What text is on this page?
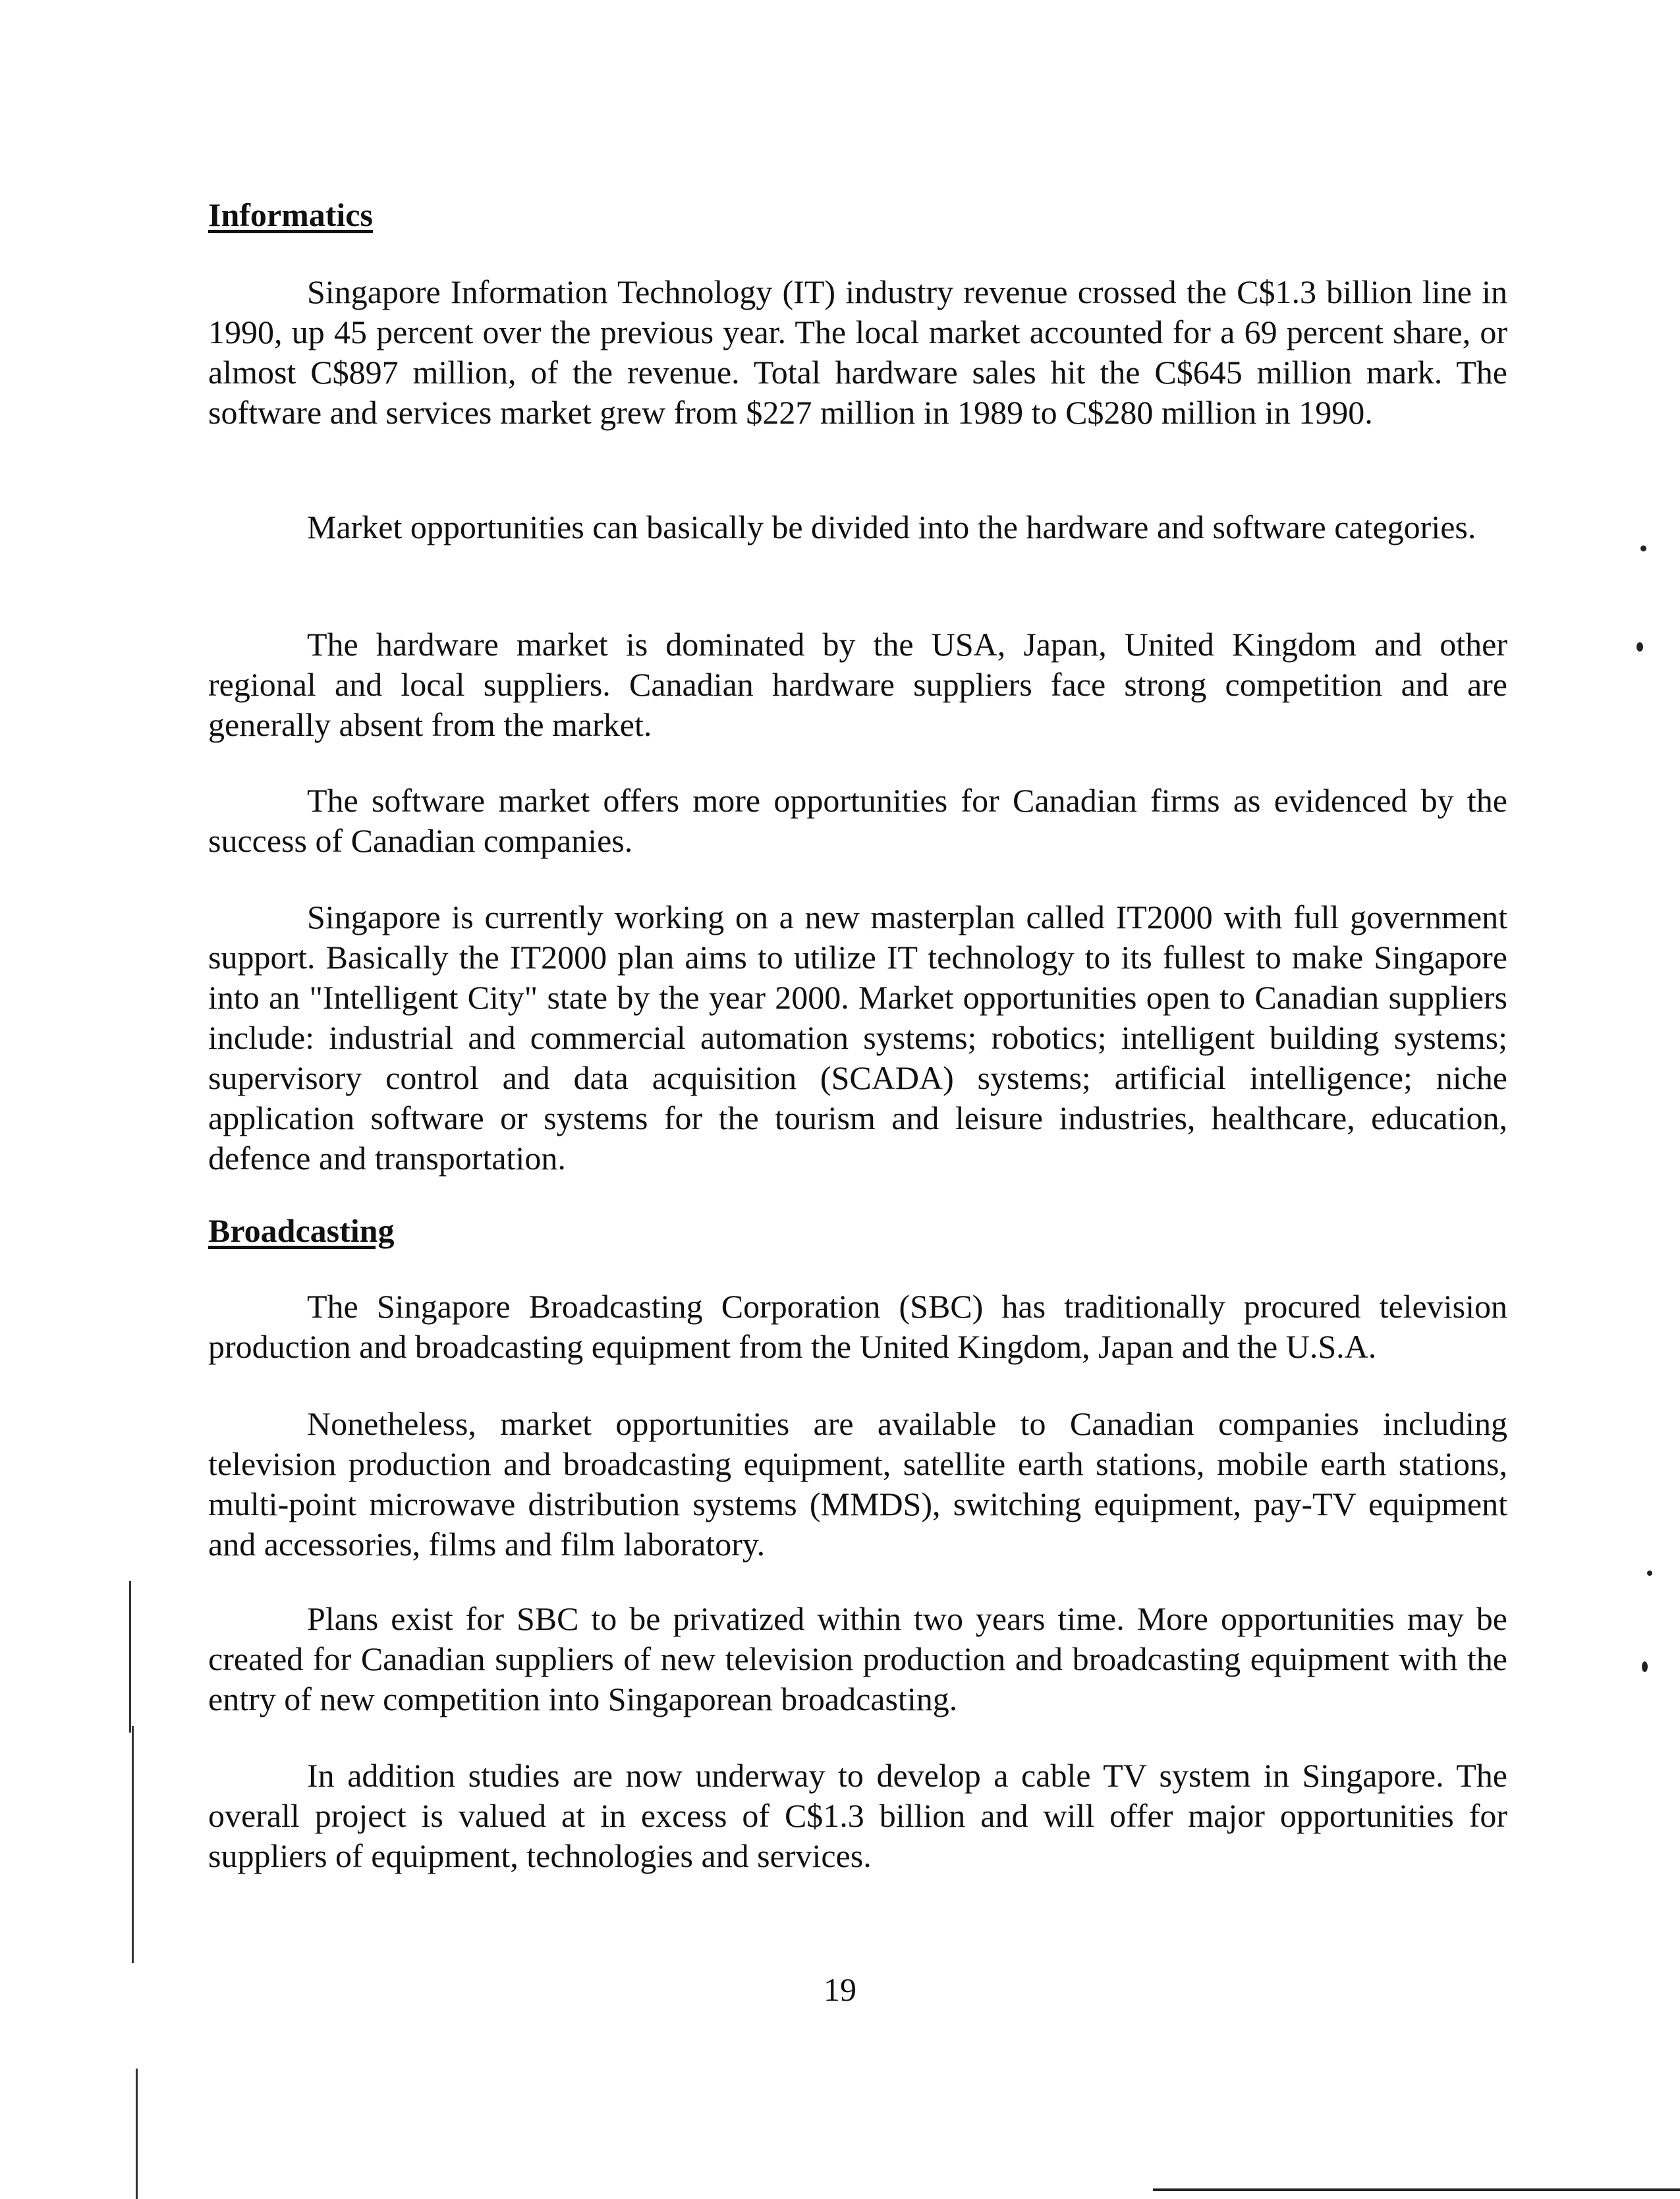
Informatics

Singapore Information Technology (IT) industry revenue crossed the C$1.3 billion line in 1990, up 45 percent over the previous year. The local market accounted for a 69 percent share, or almost C$897 million, of the revenue. Total hardware sales hit the C$645 million mark. The software and services market grew from $227 million in 1989 to C$280 million in 1990.

Market opportunities can basically be divided into the hardware and software categories.

The hardware market is dominated by the USA, Japan, United Kingdom and other regional and local suppliers. Canadian hardware suppliers face strong competition and are generally absent from the market.

The software market offers more opportunities for Canadian firms as evidenced by the success of Canadian companies.

Singapore is currently working on a new masterplan called IT2000 with full government support. Basically the IT2000 plan aims to utilize IT technology to its fullest to make Singapore into an "Intelligent City" state by the year 2000. Market opportunities open to Canadian suppliers include: industrial and commercial automation systems; robotics; intelligent building systems; supervisory control and data acquisition (SCADA) systems; artificial intelligence; niche application software or systems for the tourism and leisure industries, healthcare, education, defence and transportation.

Broadcasting

The Singapore Broadcasting Corporation (SBC) has traditionally procured television production and broadcasting equipment from the United Kingdom, Japan and the U.S.A.

Nonetheless, market opportunities are available to Canadian companies including television production and broadcasting equipment, satellite earth stations, mobile earth stations, multi-point microwave distribution systems (MMDS), switching equipment, pay-TV equipment and accessories, films and film laboratory.

Plans exist for SBC to be privatized within two years time. More opportunities may be created for Canadian suppliers of new television production and broadcasting equipment with the entry of new competition into Singaporean broadcasting.

In addition studies are now underway to develop a cable TV system in Singapore. The overall project is valued at in excess of C$1.3 billion and will offer major opportunities for suppliers of equipment, technologies and services.

19
